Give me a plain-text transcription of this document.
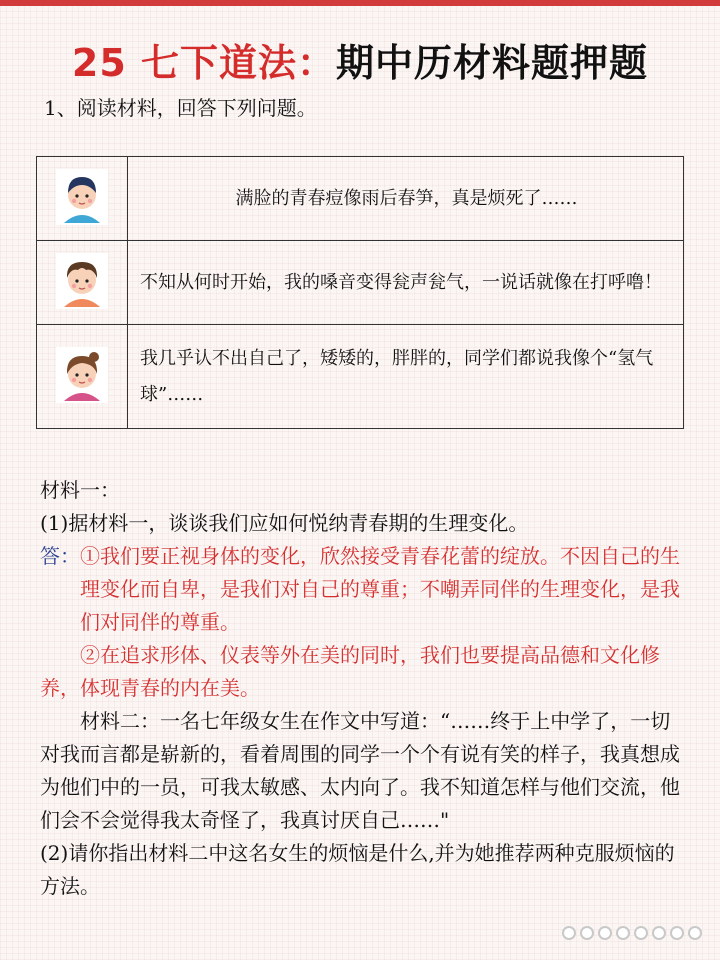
25 七下道法：期中历材料题押题
1、阅读材料，回答下列问题。
	满脸的青春痘像雨后春笋，真是烦死了……
	不知从何时开始，我的嗓音变得瓮声瓮气，一说话就像在打呼噜！
	我几乎认不出自己了，矮矮的，胖胖的，同学们都说我像个“氢气球”……

材料一：

(1)据材料一，谈谈我们应如何悦纳青春期的生理变化。

答： ①我们要正视身体的变化，欣然接受青春花蕾的绽放。不因自己的生理变化而自卑，是我们对自己的尊重；不嘲弄同伴的生理变化，是我们对同伴的尊重。

②在追求形体、仪表等外在美的同时，我们也要提高品德和文化修养，体现青春的内在美。

材料二：一名七年级女生在作文中写道：“……终于上中学了，一切对我而言都是崭新的，看着周围的同学一个个有说有笑的样子，我真想成为他们中的一员，可我太敏感、太内向了。我不知道怎样与他们交流，他们会不会觉得我太奇怪了，我真讨厌自己……"

(2)请你指出材料二中这名女生的烦恼是什么,并为她推荐两种克服烦恼的方法。
